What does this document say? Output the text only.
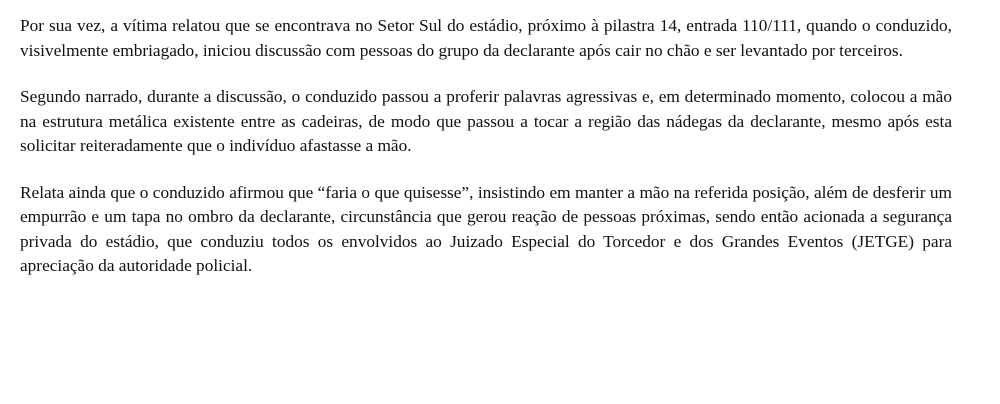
Por sua vez, a vítima relatou que se encontrava no Setor Sul do estádio, próximo à pilastra 14, entrada 110/111, quando o conduzido, visivelmente embriagado, iniciou discussão com pessoas do grupo da declarante após cair no chão e ser levantado por terceiros.

Segundo narrado, durante a discussão, o conduzido passou a proferir palavras agressivas e, em determinado momento, colocou a mão na estrutura metálica existente entre as cadeiras, de modo que passou a tocar a região das nádegas da declarante, mesmo após esta solicitar reiteradamente que o indivíduo afastasse a mão.

Relata ainda que o conduzido afirmou que “faria o que quisesse”, insistindo em manter a mão na referida posição, além de desferir um empurrão e um tapa no ombro da declarante, circunstância que gerou reação de pessoas próximas, sendo então acionada a segurança privada do estádio, que conduziu todos os envolvidos ao Juizado Especial do Torcedor e dos Grandes Eventos (JETGE) para apreciação da autoridade policial.
